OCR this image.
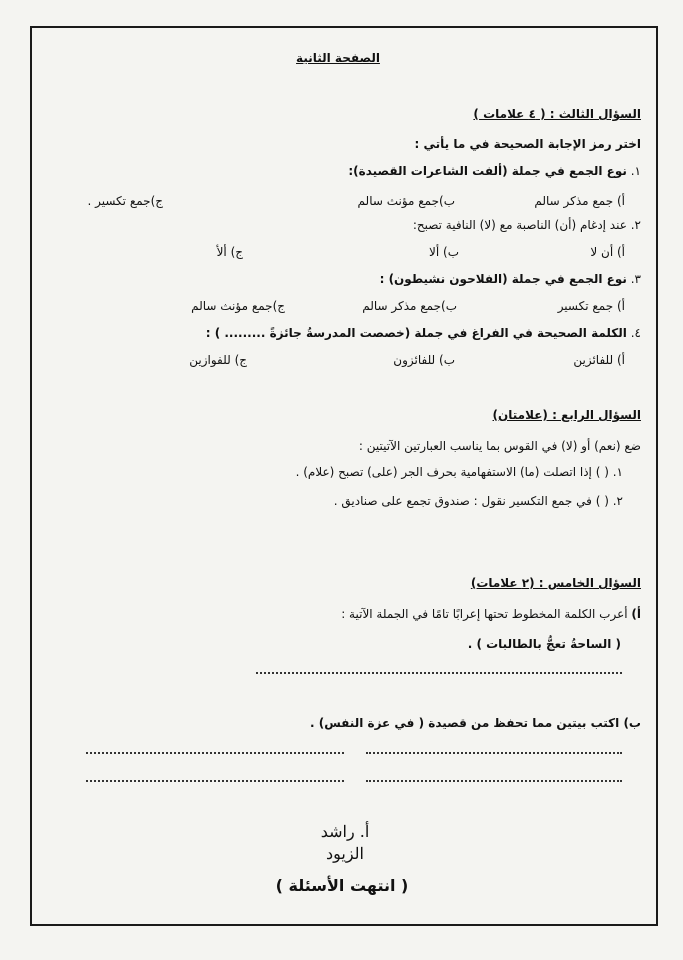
الصفحة الثانية
السؤال الثالث : ( ٤ علامات )
اختر رمز الإجابة الصحيحة في ما يأتي :
١. نوع الجمع في جملة (ألفت الشاعرات القصيدة):
أ) جمع مذكر سالم
ب)جمع مؤنث سالم
ج)جمع تكسير .
٢. عند إدغام (أن) الناصبة مع (لا) النافية تصبح:
أ) أن لا
ب) ألا
ج) ألأ
٣. نوع الجمع في جملة (الفلاحون نشيطون) :
أ) جمع تكسير
ب)جمع مذكر سالم
ج)جمع مؤنث سالم
٤. الكلمة الصحيحة في الفراغ في جملة (خصصت المدرسةُ جائزةً ......... ) :
أ) للفائزين
ب) للفائزون
ج) للفوازين
السؤال الرابع : (علامتان)
ضع (نعم) أو (لا) في القوس بما يناسب العبارتين الآتيتين :
١. ( ) إذا اتصلت (ما) الاستفهامية بحرف الجر (على) تصبح (علام) .
٢. ( ) في جمع التكسير نقول : صندوق تجمع على صناديق .
السؤال الخامس : (٢ علامات)
أ) أعرب الكلمة المخطوط تحتها إعرابًا تامًا في الجملة الآتية :
( الساحةُ تعجُّ بالطالبات ) .
ب) اكتب بيتين مما تحفظ من قصيدة ( في عزة النفس) .
أ. راشد
الزيود
( انتهت الأسئلة )
